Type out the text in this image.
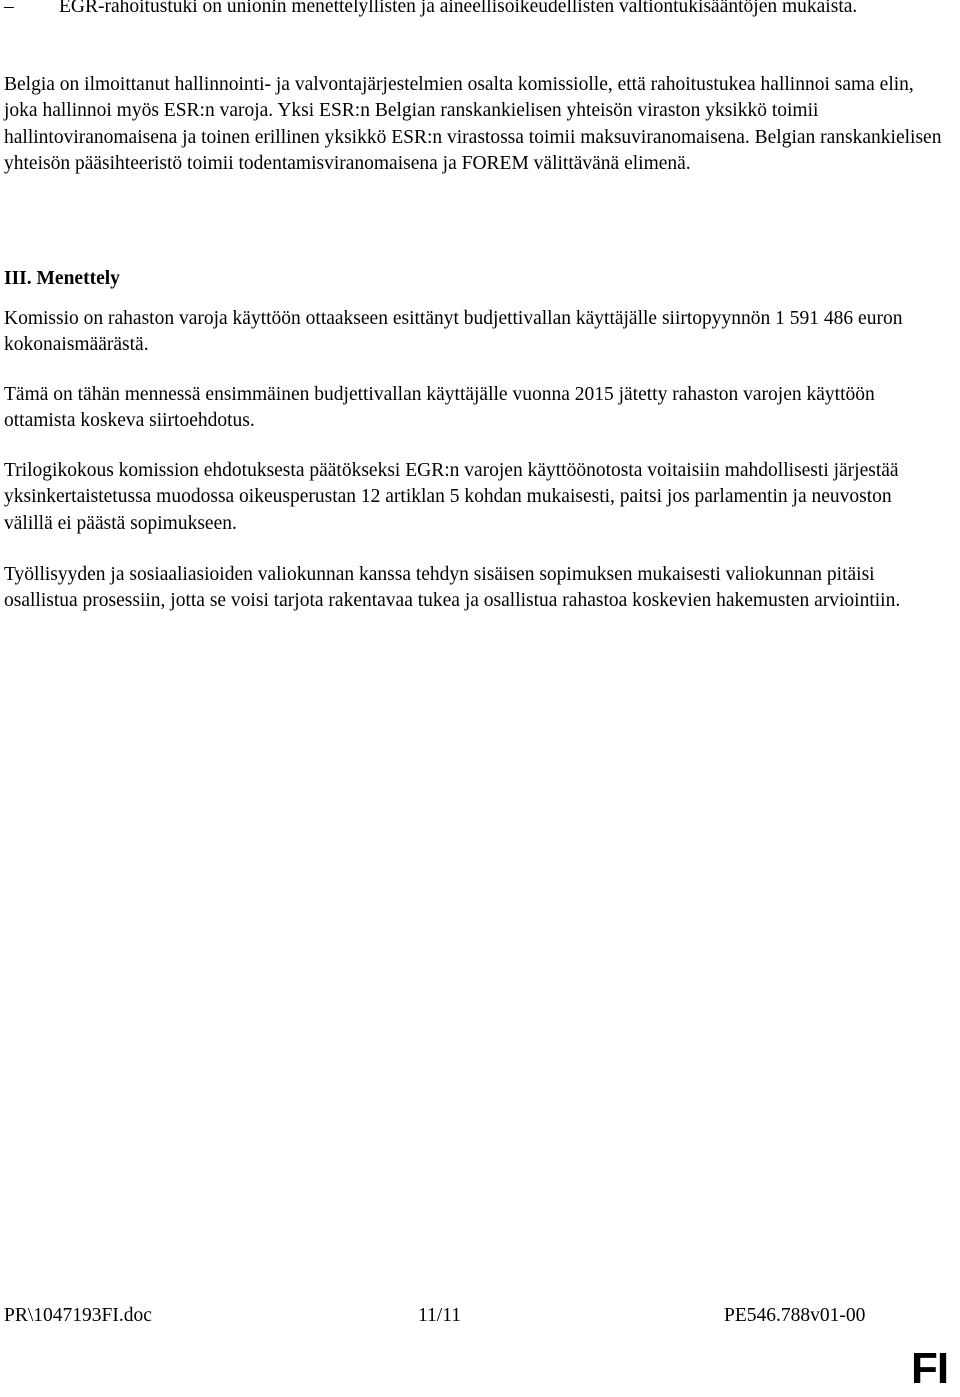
– EGR-rahoitustuki on unionin menettelyllisten ja aineellisoikeudellisten valtiontukisääntöjen mukaista.

Belgia on ilmoittanut hallinnointi- ja valvontajärjestelmien osalta komissiolle, että rahoitustukea hallinnoi sama elin, joka hallinnoi myös ESR:n varoja. Yksi ESR:n Belgian ranskankielisen yhteisön viraston yksikkö toimii hallintoviranomaisena ja toinen erillinen yksikkö ESR:n virastossa toimii maksuviranomaisena. Belgian ranskankielisen yhteisön pääsihteeristö toimii todentamisviranomaisena ja FOREM välittävänä elimenä.

III. Menettely

Komissio on rahaston varoja käyttöön ottaakseen esittänyt budjettivallan käyttäjälle siirtopyynnön 1 591 486 euron kokonaismäärästä.

Tämä on tähän mennessä ensimmäinen budjettivallan käyttäjälle vuonna 2015 jätetty rahaston varojen käyttöön ottamista koskeva siirtoehdotus.

Trilogikokous komission ehdotuksesta päätökseksi EGR:n varojen käyttöönotosta voitaisiin mahdollisesti järjestää yksinkertaistetussa muodossa oikeusperustan 12 artiklan 5 kohdan mukaisesti, paitsi jos parlamentin ja neuvoston välillä ei päästä sopimukseen.

Työllisyyden ja sosiaaliasioiden valiokunnan kanssa tehdyn sisäisen sopimuksen mukaisesti valiokunnan pitäisi osallistua prosessiin, jotta se voisi tarjota rakentavaa tukea ja osallistua rahastoa koskevien hakemusten arviointiin.

PR\1047193FI.doc	11/11	PE546.788v01-00
FI
